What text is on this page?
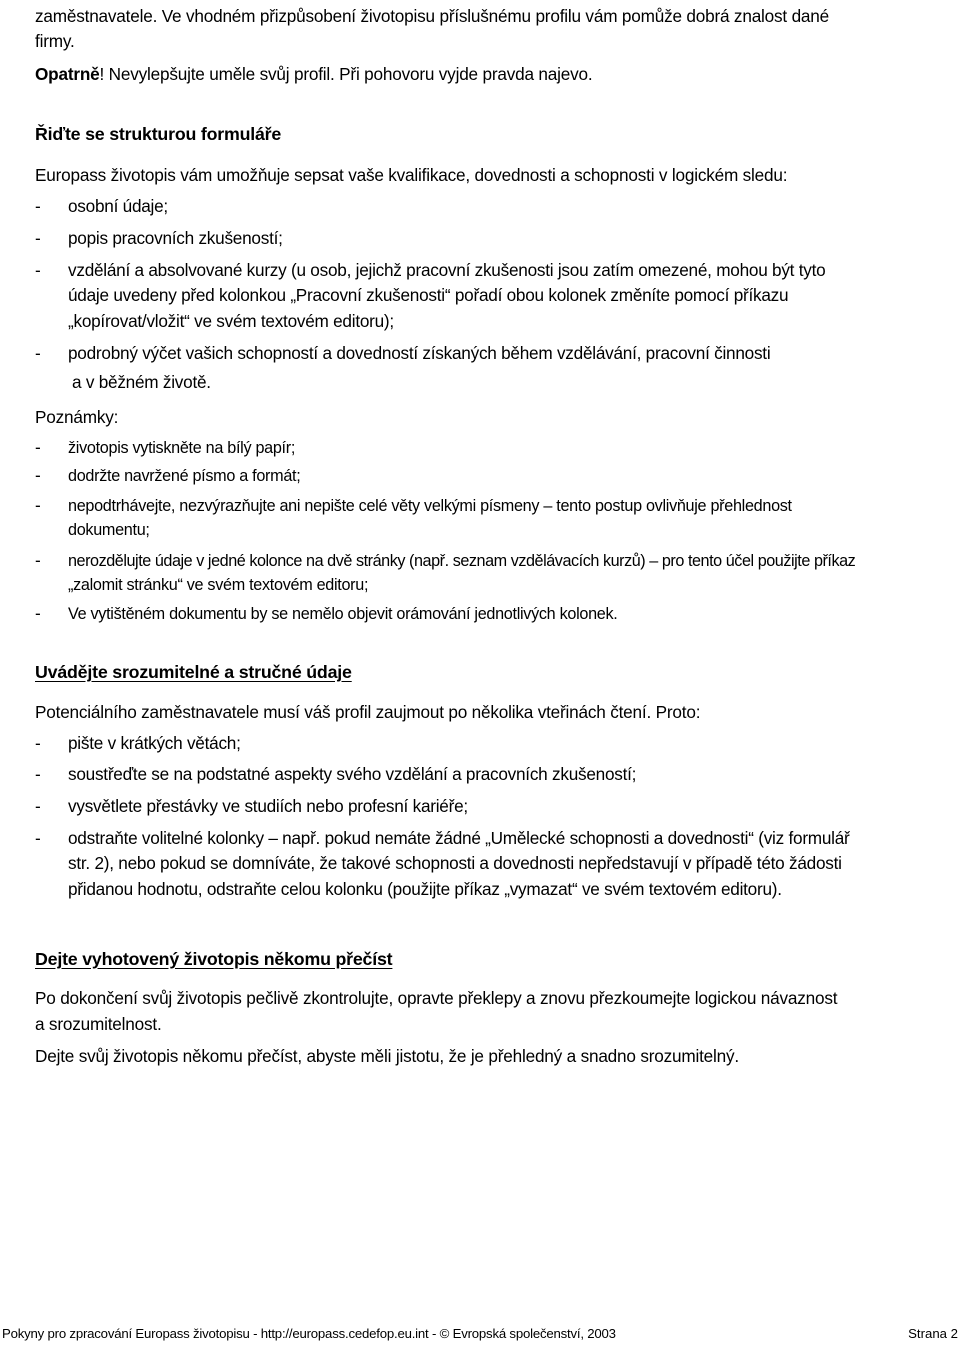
zaměstnavatele. Ve vhodném přizpůsobení životopisu příslušnému profilu vám pomůže dobrá znalost dané
firmy.
Opatrně! Nevylepšujte uměle svůj profil. Při pohovoru vyjde pravda najevo.
Řiďte se strukturou formuláře
Europass životopis vám umožňuje sepsat vaše kvalifikace, dovednosti a schopnosti v logickém sledu:
- osobní údaje;
- popis pracovních zkušeností;
- vzdělání a absolvované kurzy (u osob, jejichž pracovní zkušenosti jsou zatím omezené, mohou být tyto
údaje uvedeny před kolonkou „Pracovní zkušenosti“ pořadí obou kolonek změníte pomocí příkazu
„kopírovat/vložit“ ve svém textovém editoru);
- podrobný výčet vašich schopností a dovedností získaných během vzdělávání, pracovní činnosti
a v běžném životě.
Poznámky:
- životopis vytiskněte na bílý papír;
- dodržte navržené písmo a formát;
- nepodtrhávejte, nezvýrazňujte ani nepište celé věty velkými písmeny – tento postup ovlivňuje přehlednost
dokumentu;
- nerozdělujte údaje v jedné kolonce na dvě stránky (např. seznam vzdělávacích kurzů) – pro tento účel použijte příkaz
„zalomit stránku“ ve svém textovém editoru;
- Ve vytištěném dokumentu by se nemělo objevit orámování jednotlivých kolonek.
Uvádějte srozumitelné a stručné údaje
Potenciálního zaměstnavatele musí váš profil zaujmout po několika vteřinách čtení. Proto:
- pište v krátkých větách;
- soustřeďte se na podstatné aspekty svého vzdělání a pracovních zkušeností;
- vysvětlete přestávky ve studiích nebo profesní kariéře;
- odstraňte volitelné kolonky – např. pokud nemáte žádné „Umělecké schopnosti a dovednosti“ (viz formulář
str. 2), nebo pokud se domníváte, že takové schopnosti a dovednosti nepředstavují v případě této žádosti
přidanou hodnotu, odstraňte celou kolonku (použijte příkaz „vymazat“ ve svém textovém editoru).
Dejte vyhotovený životopis někomu přečíst
Po dokončení svůj životopis pečlivě zkontrolujte, opravte překlepy a znovu přezkoumejte logickou návaznost
a srozumitelnost.
Dejte svůj životopis někomu přečíst, abyste měli jistotu, že je přehledný a snadno srozumitelný.
Pokyny pro zpracování Europass životopisu - http://europass.cedefop.eu.int - © Evropská společenství, 2003	Strana 2
